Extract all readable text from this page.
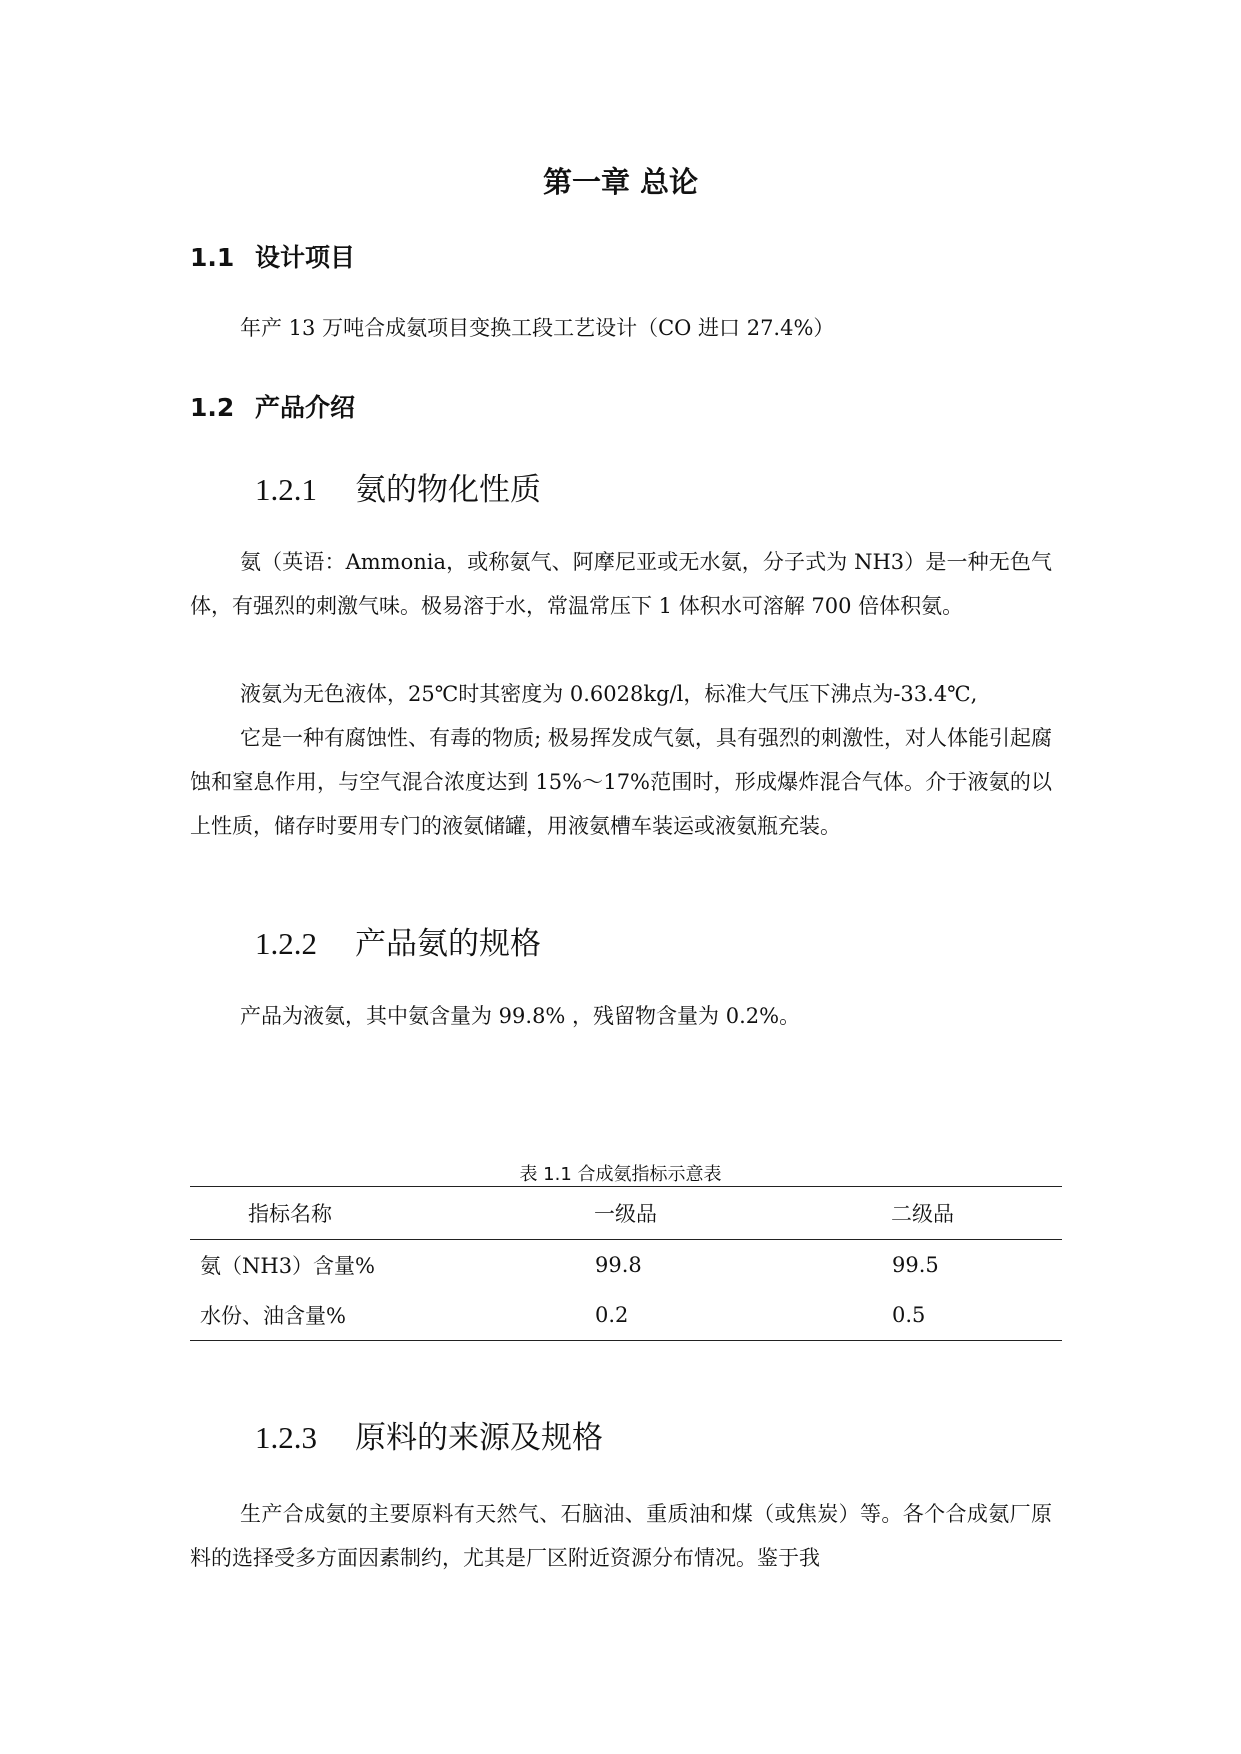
第一章 总论
1.1 设计项目
年产 13 万吨合成氨项目变换工段工艺设计（CO 进口 27.4%）
1.2 产品介绍
1.2.1 氨的物化性质
氨（英语：Ammonia，或称氨气、阿摩尼亚或无水氨，分子式为 NH3）是一种无色气体，有强烈的刺激气味。极易溶于水，常温常压下 1 体积水可溶解 700 倍体积氨。
液氨为无色液体，25℃时其密度为 0.6028kg/l，标准大气压下沸点为-33.4℃,
它是一种有腐蚀性、有毒的物质; 极易挥发成气氨，具有强烈的刺激性，对人体能引起腐蚀和窒息作用，与空气混合浓度达到 15%～17%范围时，形成爆炸混合气体。介于液氨的以上性质，储存时要用专门的液氨储罐，用液氨槽车装运或液氨瓶充装。
1.2.2 产品氨的规格
产品为液氨，其中氨含量为 99.8% ，残留物含量为 0.2%。
表 1.1 合成氨指标示意表
指标名称	一级品	二级品
氨（NH3）含量%	99.8	99.5
水份、油含量%	0.2	0.5
1.2.3 原料的来源及规格
生产合成氨的主要原料有天然气、石脑油、重质油和煤（或焦炭）等。各个合成氨厂原料的选择受多方面因素制约，尤其是厂区附近资源分布情况。鉴于我
